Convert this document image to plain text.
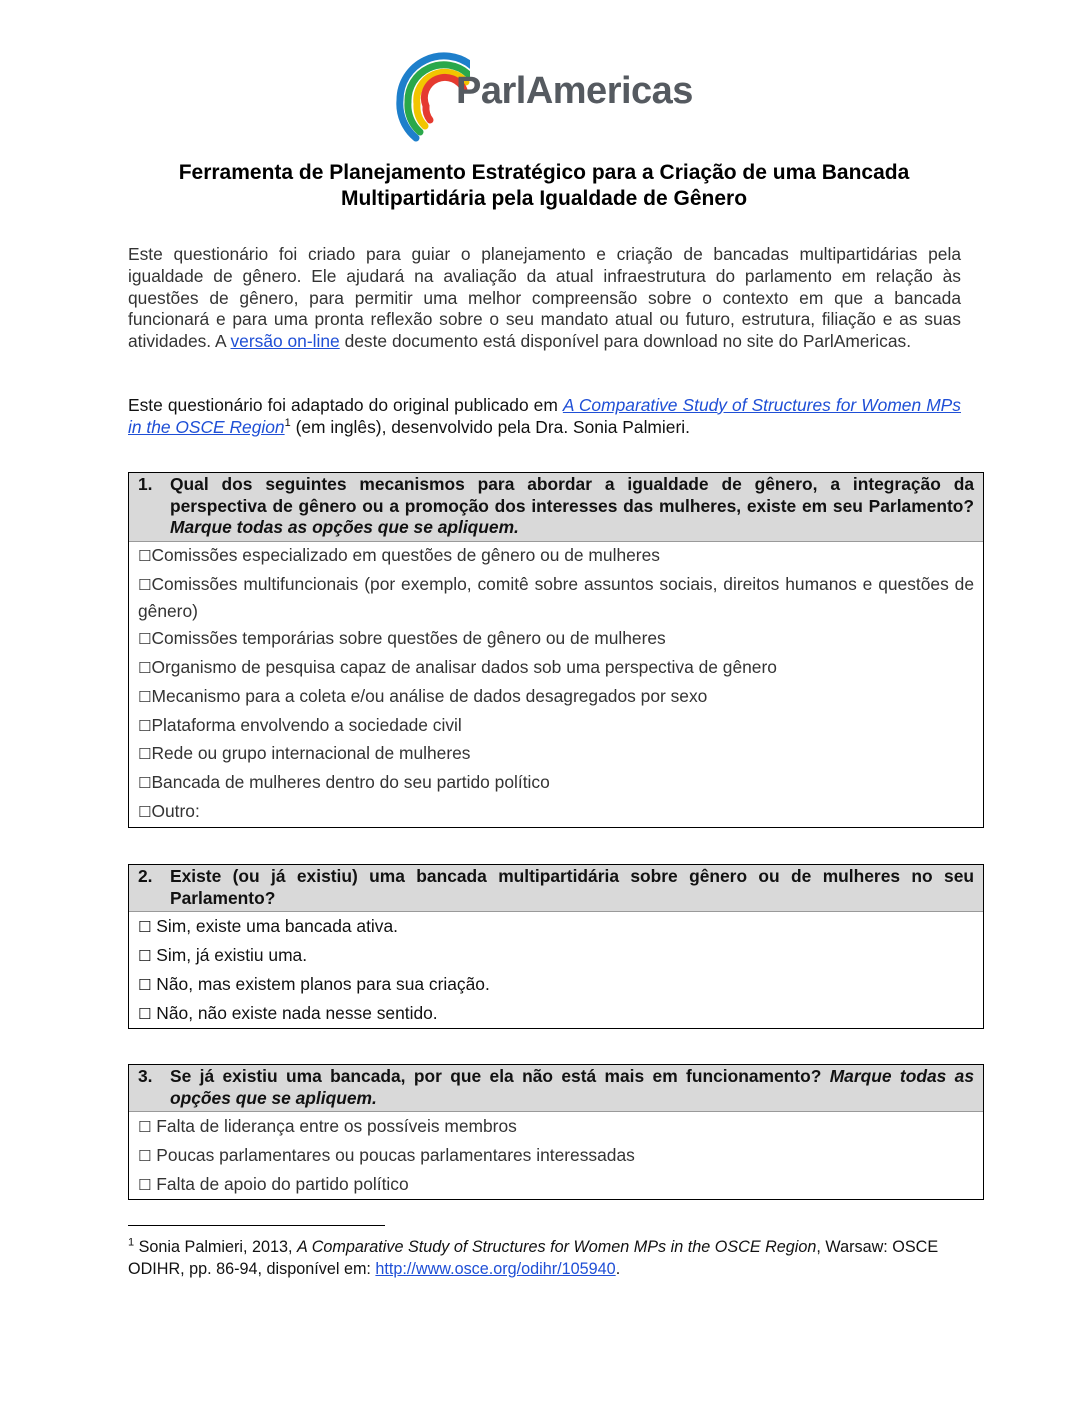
ParlAmericas
Ferramenta de Planejamento Estratégico para a Criação de uma Bancada
Multipartidária pela Igualdade de Gênero
Este questionário foi criado para guiar o planejamento e criação de bancadas multipartidárias pela igualdade de gênero. Ele ajudará na avaliação da atual infraestrutura do parlamento em relação às questões de gênero, para permitir uma melhor compreensão sobre o contexto em que a bancada funcionará e para uma pronta reflexão sobre o seu mandato atual ou futuro, estrutura, filiação e as suas atividades. A versão on-line deste documento está disponível para download no site do ParlAmericas.
Este questionário foi adaptado do original publicado em A Comparative Study of Structures for Women MPs in the OSCE Region$^1$ (em inglês), desenvolvido pela Dra. Sonia Palmieri.
1.	Qual dos seguintes mecanismos para abordar a igualdade de gênero, a integração da perspectiva de gênero ou a promoção dos interesses das mulheres, existe em seu Parlamento? Marque todas as opções que se apliquem.
☐Comissões especializado em questões de gênero ou de mulheres
☐Comissões multifuncionais (por exemplo, comitê sobre assuntos sociais, direitos humanos e questões de gênero)
☐Comissões temporárias sobre questões de gênero ou de mulheres
☐Organismo de pesquisa capaz de analisar dados sob uma perspectiva de gênero
☐Mecanismo para a coleta e/ou análise de dados desagregados por sexo
☐Plataforma envolvendo a sociedade civil
☐Rede ou grupo internacional de mulheres
☐Bancada de mulheres dentro do seu partido político
☐Outro:
2.	Existe (ou já existiu) uma bancada multipartidária sobre gênero ou de mulheres no seu Parlamento?
☐ Sim, existe uma bancada ativa.
☐ Sim, já existiu uma.
☐ Não, mas existem planos para sua criação.
☐ Não, não existe nada nesse sentido.
3.	Se já existiu uma bancada, por que ela não está mais em funcionamento? Marque todas as opções que se apliquem.
☐ Falta de liderança entre os possíveis membros
☐ Poucas parlamentares ou poucas parlamentares interessadas
☐ Falta de apoio do partido político
$^1$ Sonia Palmieri, 2013, A Comparative Study of Structures for Women MPs in the OSCE Region, Warsaw: OSCE ODIHR, pp. 86-94, disponível em: http://www.osce.org/odihr/105940.
